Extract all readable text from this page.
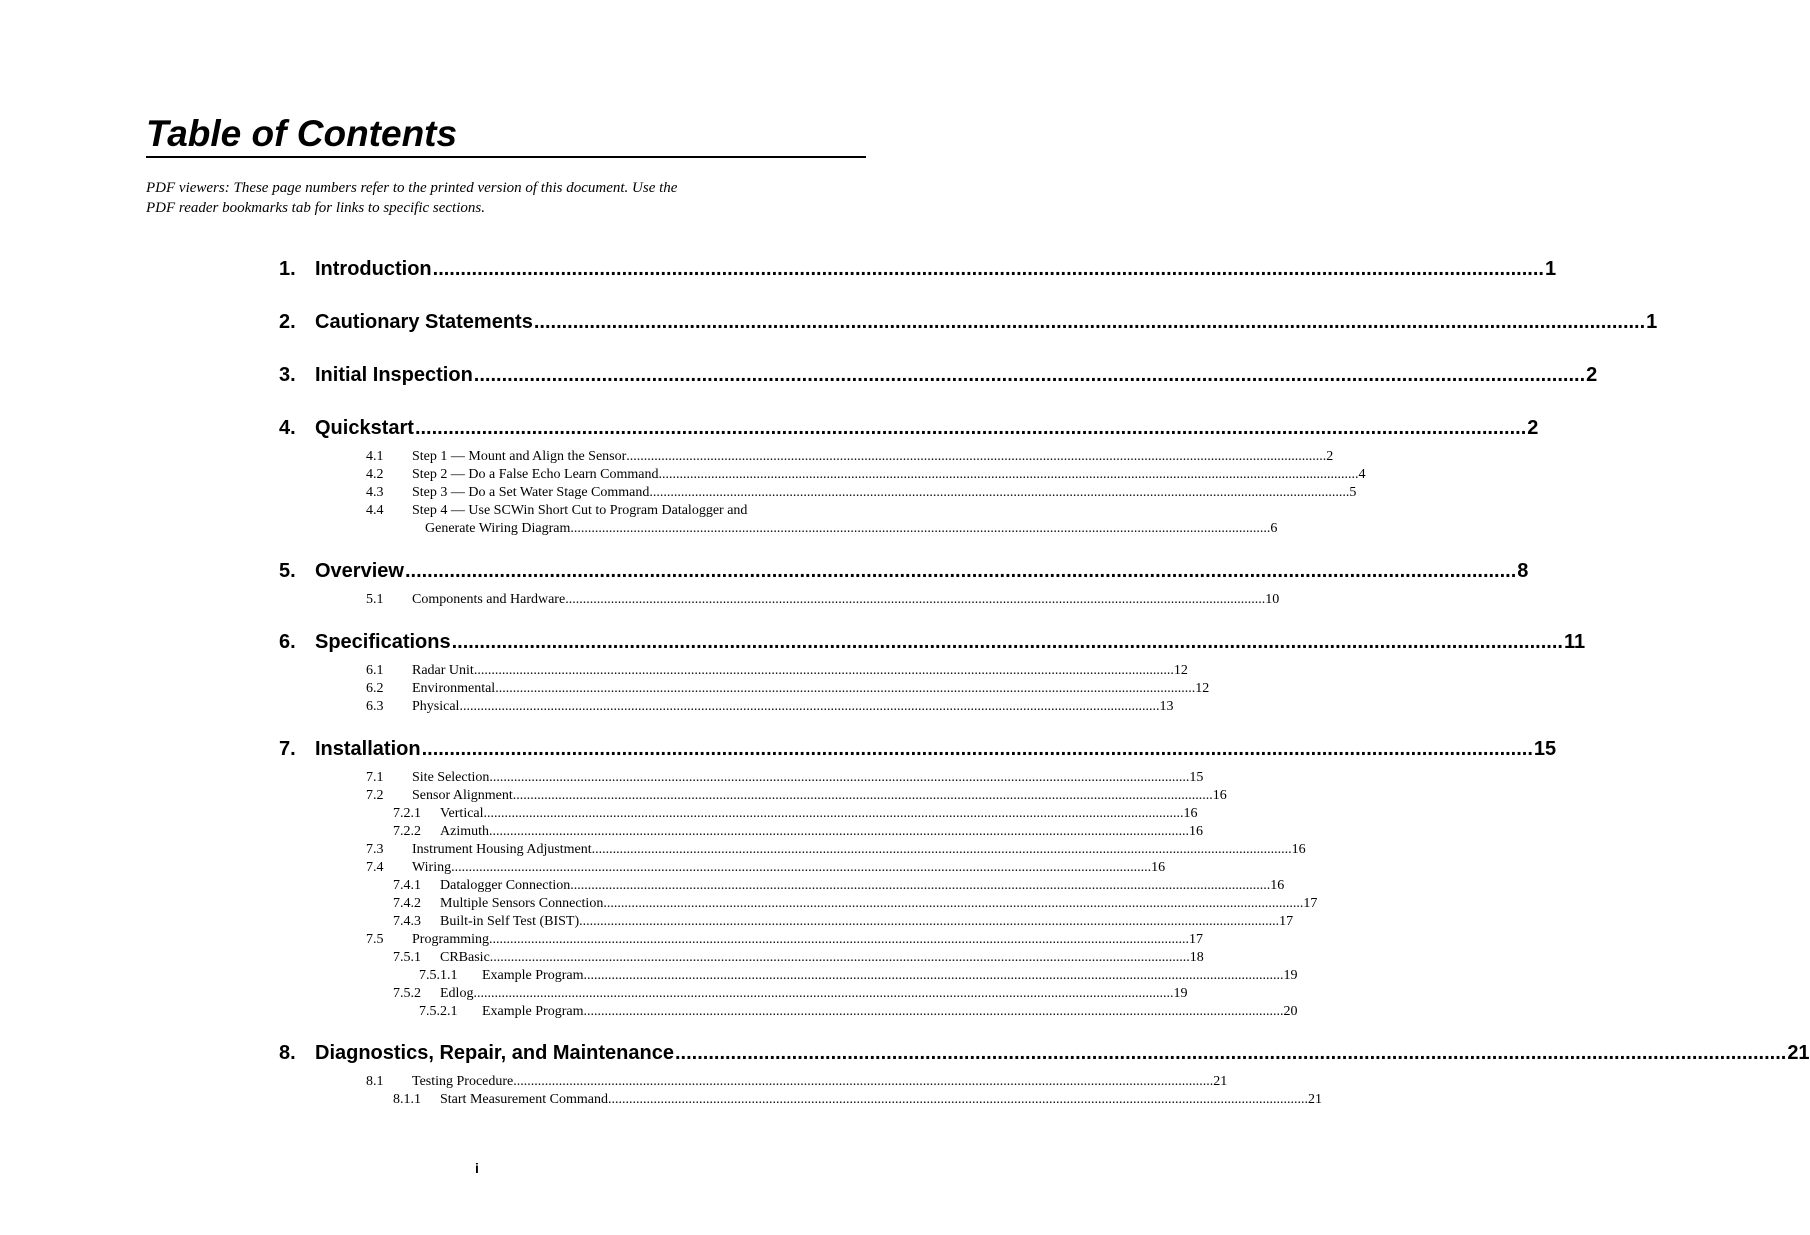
Table of Contents
PDF viewers: These page numbers refer to the printed version of this document. Use the
PDF reader bookmarks tab for links to specific sections.
1. Introduction ........................................................................................................................................................................................................ 1
2. Cautionary Statements ........................................................................................................................................................................................................ 1
3. Initial Inspection ........................................................................................................................................................................................................ 2
4. Quickstart ........................................................................................................................................................................................................ 2
4.1	Step 1 — Mount and Align the Sensor ........................................................................................................................................................................................................ 2
4.2	Step 2 — Do a False Echo Learn Command ........................................................................................................................................................................................................ 4
4.3	Step 3 — Do a Set Water Stage Command ........................................................................................................................................................................................................ 5
4.4	Step 4 — Use SCWin Short Cut to Program Datalogger and
Generate Wiring Diagram ........................................................................................................................................................................................................ 6
5. Overview ........................................................................................................................................................................................................ 8
5.1	Components and Hardware ........................................................................................................................................................................................................ 10
6. Specifications ........................................................................................................................................................................................................ 11
6.1	Radar Unit ........................................................................................................................................................................................................ 12
6.2	Environmental ........................................................................................................................................................................................................ 12
6.3	Physical ........................................................................................................................................................................................................ 13
7. Installation ........................................................................................................................................................................................................ 15
7.1	Site Selection ........................................................................................................................................................................................................ 15
7.2	Sensor Alignment ........................................................................................................................................................................................................ 16
7.2.1	Vertical ........................................................................................................................................................................................................ 16
7.2.2	Azimuth ........................................................................................................................................................................................................ 16
7.3	Instrument Housing Adjustment ........................................................................................................................................................................................................ 16
7.4	Wiring ........................................................................................................................................................................................................ 16
7.4.1	Datalogger Connection ........................................................................................................................................................................................................ 16
7.4.2	Multiple Sensors Connection ........................................................................................................................................................................................................ 17
7.4.3	Built-in Self Test (BIST) ........................................................................................................................................................................................................ 17
7.5	Programming ........................................................................................................................................................................................................ 17
7.5.1	CRBasic ........................................................................................................................................................................................................ 18
7.5.1.1	Example Program ........................................................................................................................................................................................................ 19
7.5.2	Edlog ........................................................................................................................................................................................................ 19
7.5.2.1	Example Program ........................................................................................................................................................................................................ 20
8. Diagnostics, Repair, and Maintenance ........................................................................................................................................................................................................ 21
8.1	Testing Procedure ........................................................................................................................................................................................................ 21
8.1.1	Start Measurement Command ........................................................................................................................................................................................................ 21
i
